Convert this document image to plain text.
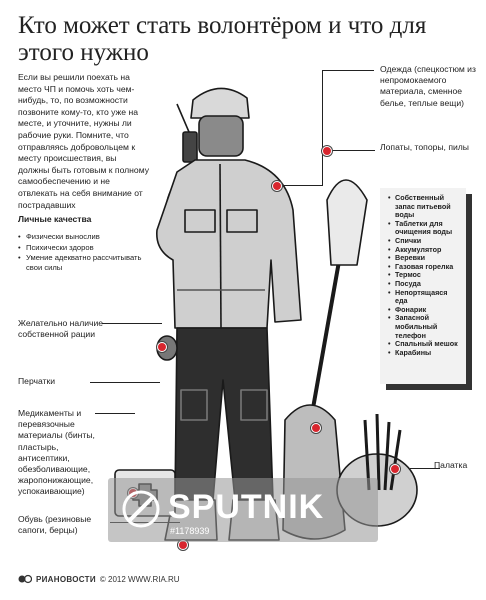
Кто может стать волонтёром и что для этого нужно
Если вы решили поехать на место ЧП и помочь хоть чем-нибудь, то, по возможности позвоните кому-то, кто уже на месте, и уточните, нужны ли рабочие руки. Помните, что отправляясь добровольцем к месту происшествия, вы должны быть готовым к полному самообеспечению и не отвлекать на себя внимание от пострадавших
Личные качества
• Физически вынослив
• Психически здоров
• Умение адекватно рассчитывать свои силы
Одежда (спецкостюм из непромокаемого материала, сменное белье, теплые вещи)
Лопаты, топоры, пилы
Желательно наличие собственной рации
Перчатки
Медикаменты и перевязочные материалы (бинты, пластырь, антисептики, обезболивающие, жаропонижающие, успокаивающие)
Обувь (резиновые сапоги, берцы)
Палатка
• Собственный запас питьевой воды
• Таблетки для очищения воды
• Спички
• Аккумулятор
• Веревки
• Газовая горелка
• Термос
• Посуда
• Непортящаяся еда
• Фонарик
• Запасной мобильный телефон
• Спальный мешок
• Карабины
SPUTNIK
#1178939
РИАНОВОСТИ © 2012 WWW.RIA.RU
